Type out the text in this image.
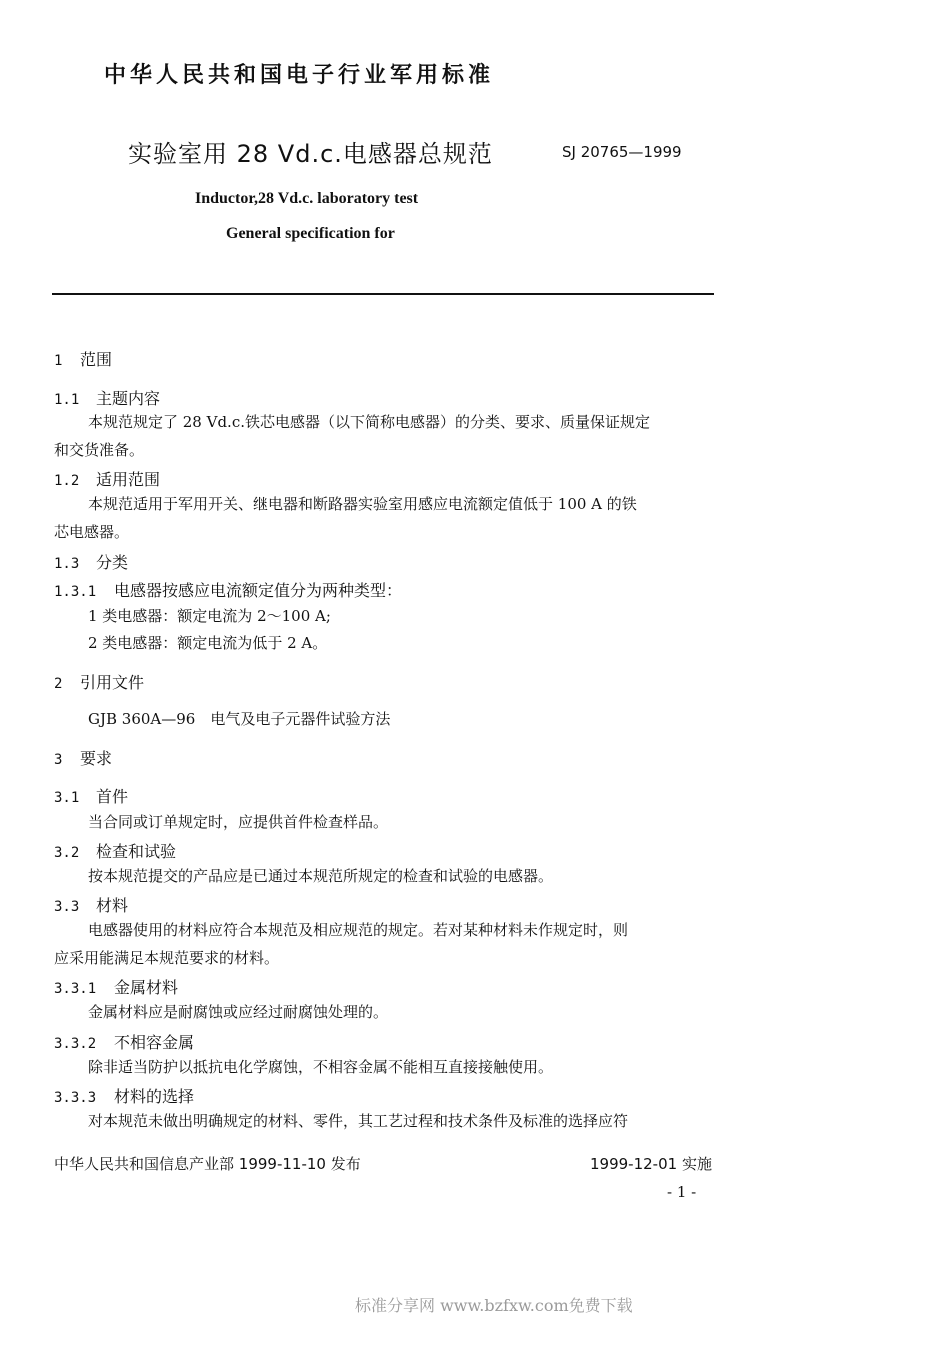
中华人民共和国电子行业军用标准
实验室用 28 Vd.c.电感器总规范	SJ 20765—1999
Inductor,28 Vd.c. laboratory test
General specification for
1 范围
1.1 主题内容
本规范规定了 28 Vd.c.铁芯电感器（以下简称电感器）的分类、要求、质量保证规定
和交货准备。
1.2 适用范围
本规范适用于军用开关、继电器和断路器实验室用感应电流额定值低于 100 A 的铁
芯电感器。
1.3 分类
1.3.1 电感器按感应电流额定值分为两种类型：
1 类电感器：额定电流为 2～100 A;
2 类电感器：额定电流为低于 2 A。
2 引用文件
GJB 360A—96　电气及电子元器件试验方法
3 要求
3.1 首件
当合同或订单规定时，应提供首件检查样品。
3.2 检查和试验
按本规范提交的产品应是已通过本规范所规定的检查和试验的电感器。
3.3 材料
电感器使用的材料应符合本规范及相应规范的规定。若对某种材料未作规定时，则
应采用能满足本规范要求的材料。
3.3.1 金属材料
金属材料应是耐腐蚀或应经过耐腐蚀处理的。
3.3.2 不相容金属
除非适当防护以抵抗电化学腐蚀，不相容金属不能相互直接接触使用。
3.3.3 材料的选择
对本规范未做出明确规定的材料、零件，其工艺过程和技术条件及标准的选择应符
中华人民共和国信息产业部 1999-11-10 发布	1999-12-01 实施
- 1 -
标准分享网 www.bzfxw.com免费下载
